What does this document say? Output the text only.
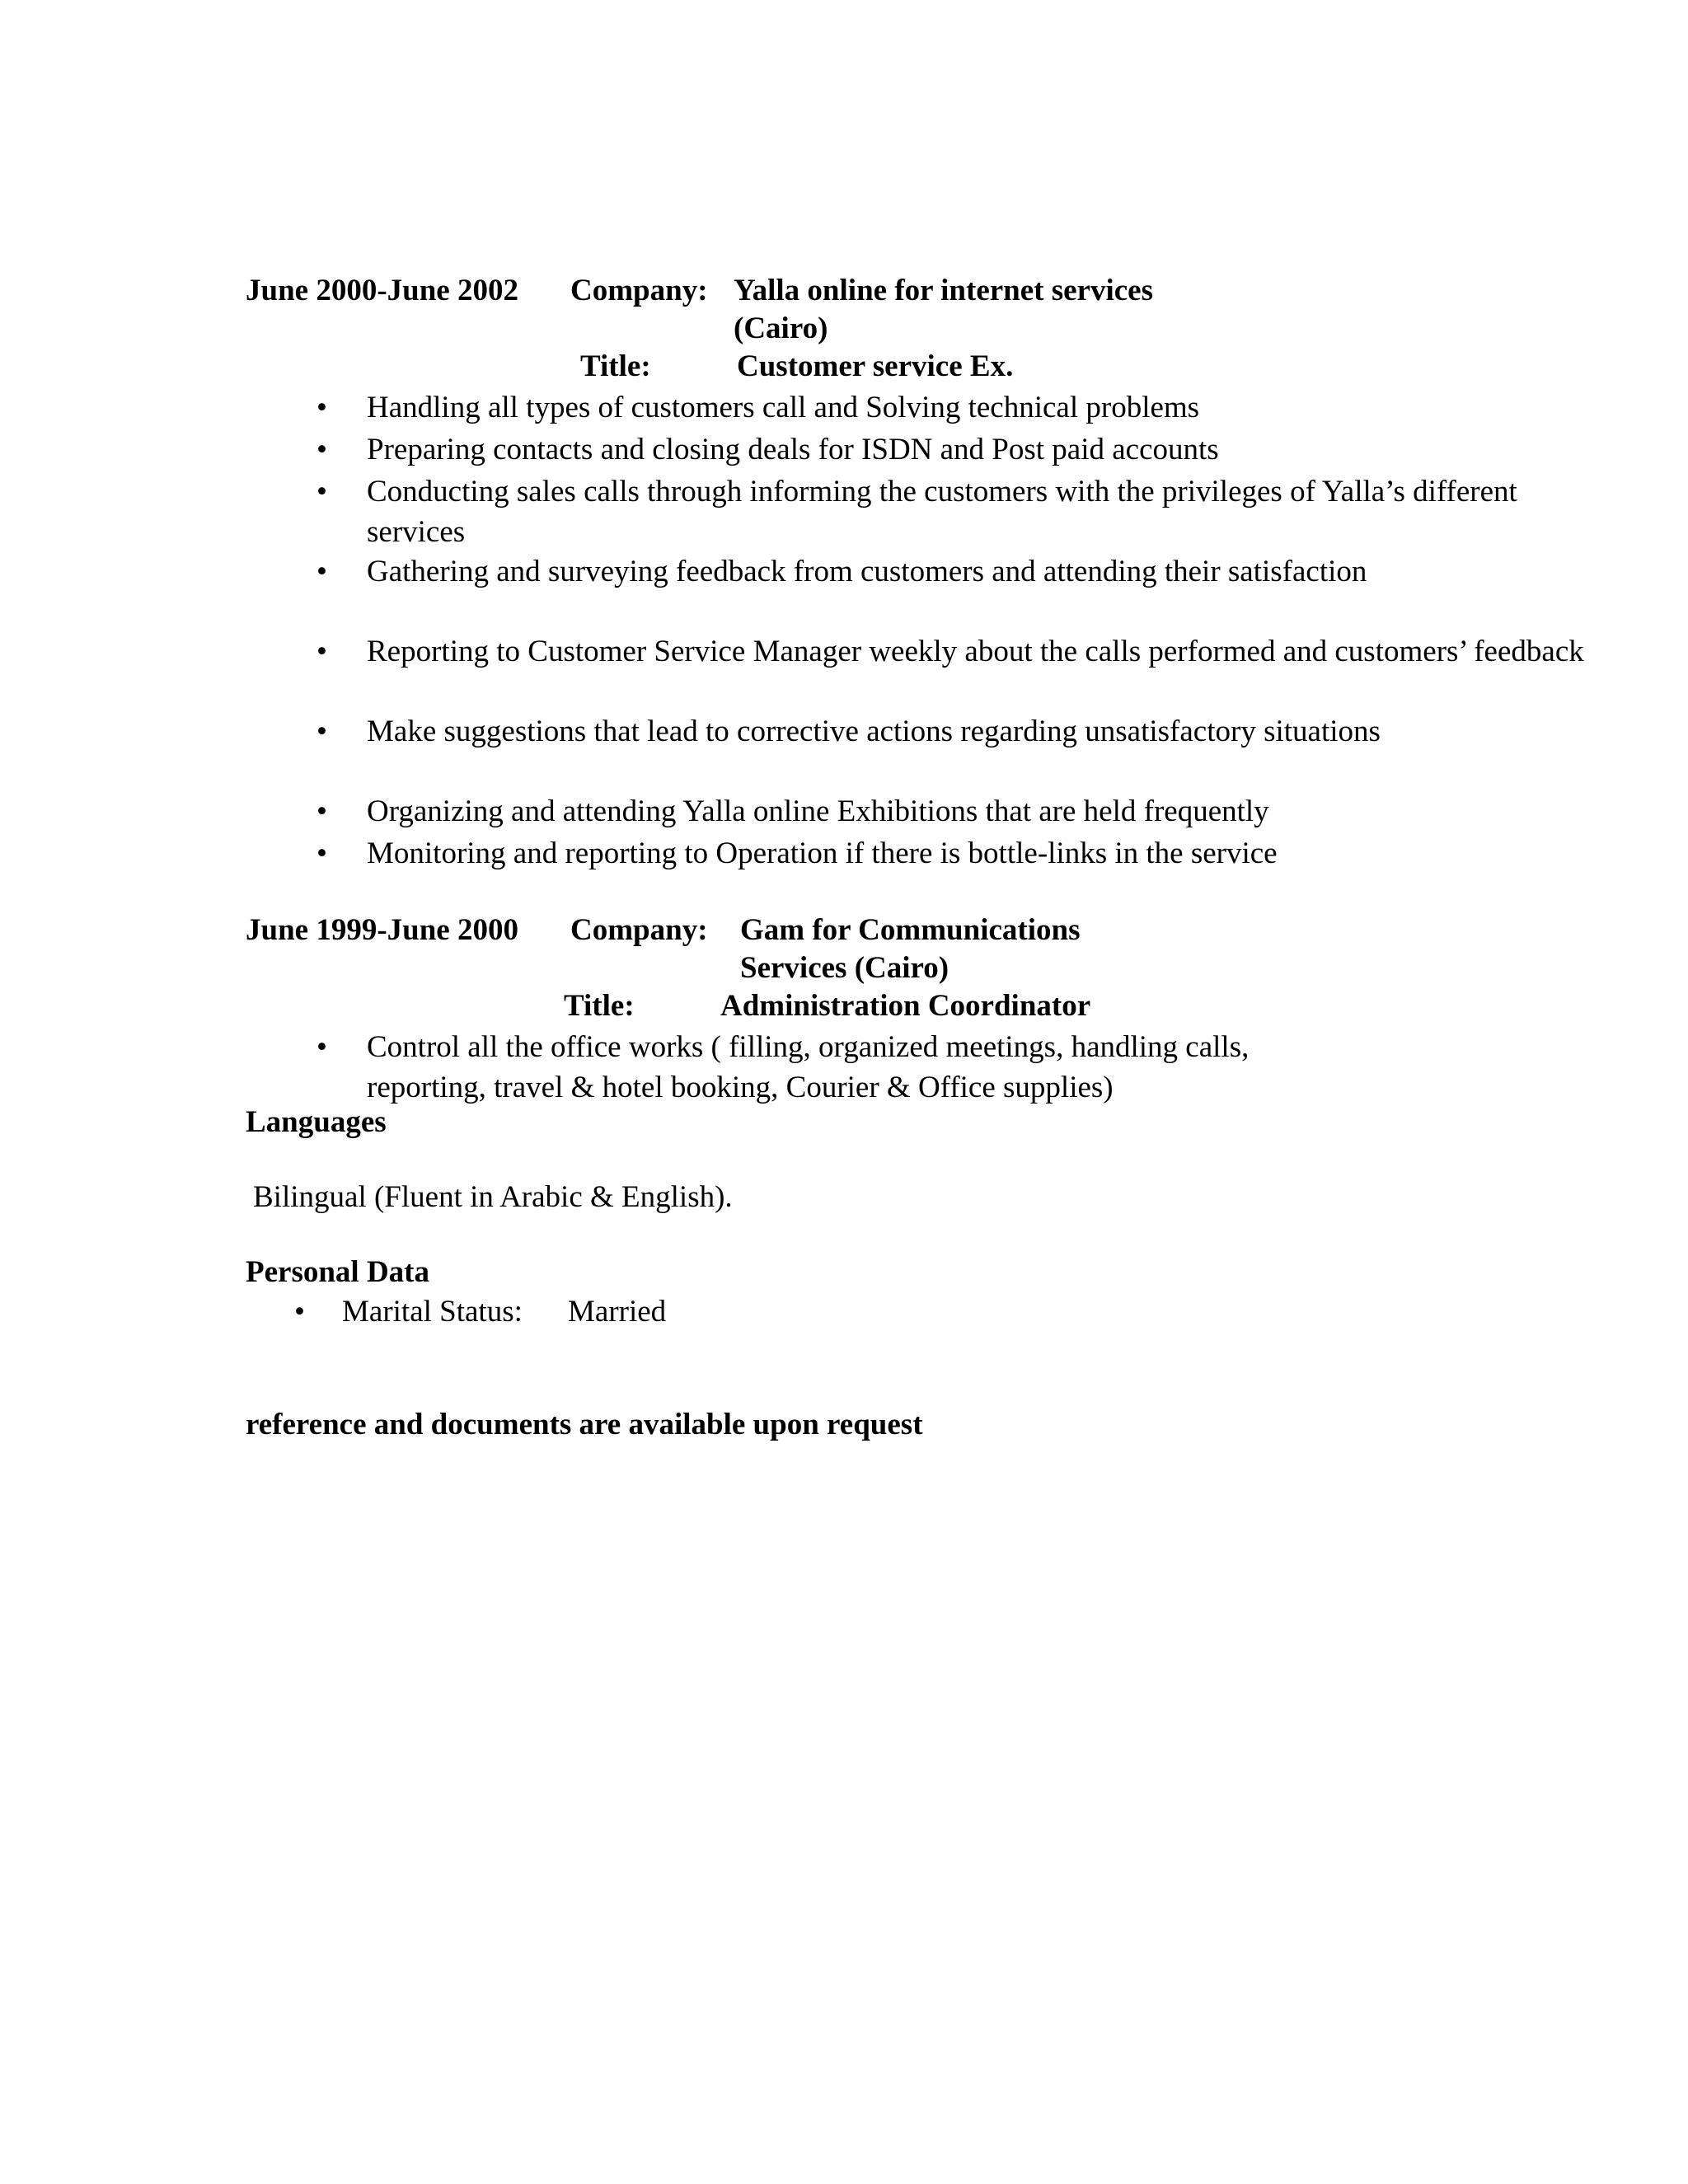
June 2000-June 2002 Company: Yalla online for internet services
(Cairo)
Title:	Customer service Ex.
• Handling all types of customers call and Solving technical problems
• Preparing contacts and closing deals for ISDN and Post paid accounts
• Conducting sales calls through informing the customers with the privileges of Yalla’s different services
• Gathering and surveying feedback from customers and attending their satisfaction
• Reporting to Customer Service Manager weekly about the calls performed and customers’ feedback
• Make suggestions that lead to corrective actions regarding unsatisfactory situations
• Organizing and attending Yalla online Exhibitions that are held frequently
• Monitoring and reporting to Operation if there is bottle-links in the service
June 1999-June 2000 Company: Gam for Communications
Services (Cairo)
Title:	Administration Coordinator
• Control all the office works ( filling, organized meetings, handling calls, reporting, travel & hotel booking, Courier & Office supplies)
Languages
Bilingual (Fluent in Arabic & English).
Personal Data
• Marital Status: Married
reference and documents are available upon request
